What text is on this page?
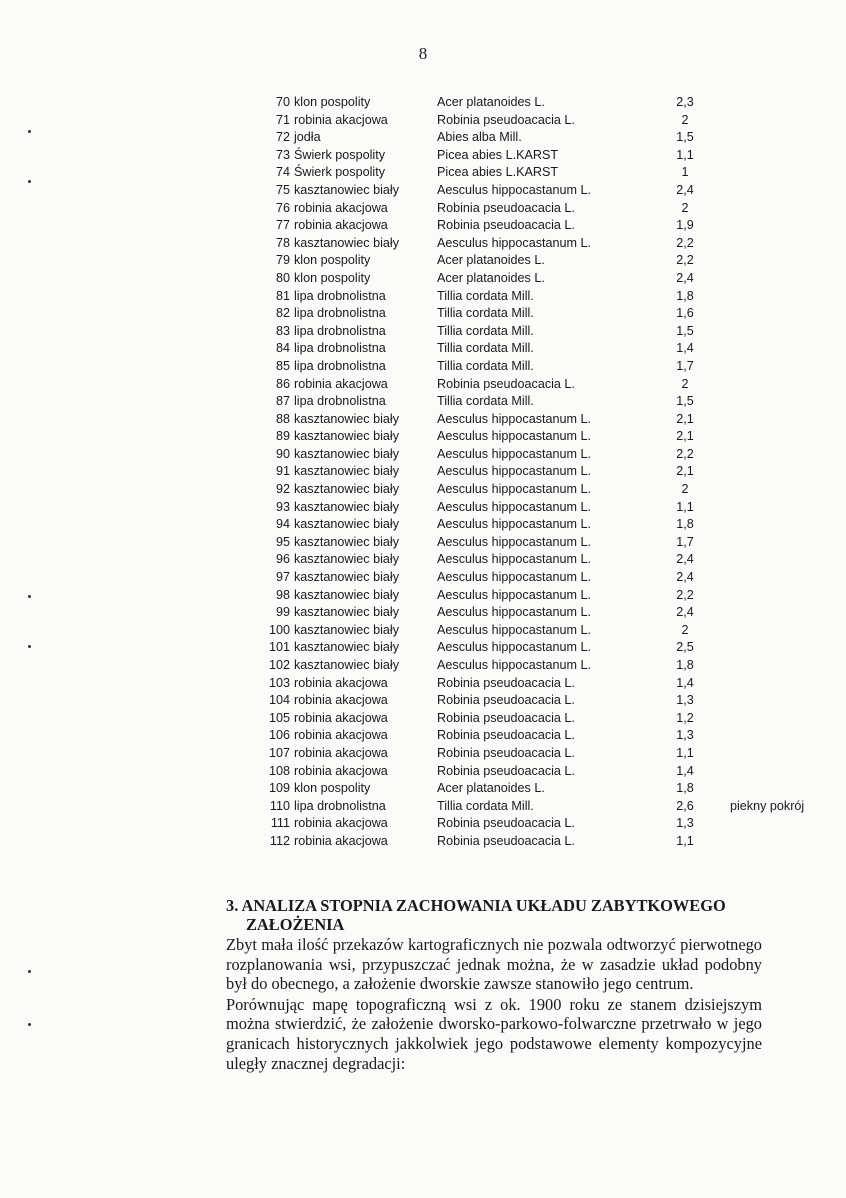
8
70 klon pospolity	Acer platanoides L.	2,3
71 robinia akacjowa	Robinia pseudoacacia L.	2
72 jodła	Abies alba Mill.	1,5
73 Świerk pospolity	Picea abies L.KARST	1,1
74 Świerk pospolity	Picea abies L.KARST	1
75 kasztanowiec biały	Aesculus hippocastanum L.	2,4
76 robinia akacjowa	Robinia pseudoacacia L.	2
77 robinia akacjowa	Robinia pseudoacacia L.	1,9
78 kasztanowiec biały	Aesculus hippocastanum L.	2,2
79 klon pospolity	Acer platanoides L.	2,2
80 klon pospolity	Acer platanoides L.	2,4
81 lipa drobnolistna	Tillia cordata Mill.	1,8
82 lipa drobnolistna	Tillia cordata Mill.	1,6
83 lipa drobnolistna	Tillia cordata Mill.	1,5
84 lipa drobnolistna	Tillia cordata Mill.	1,4
85 lipa drobnolistna	Tillia cordata Mill.	1,7
86 robinia akacjowa	Robinia pseudoacacia L.	2
87 lipa drobnolistna	Tillia cordata Mill.	1,5
88 kasztanowiec biały	Aesculus hippocastanum L.	2,1
89 kasztanowiec biały	Aesculus hippocastanum L.	2,1
90 kasztanowiec biały	Aesculus hippocastanum L.	2,2
91 kasztanowiec biały	Aesculus hippocastanum L.	2,1
92 kasztanowiec biały	Aesculus hippocastanum L.	2
93 kasztanowiec biały	Aesculus hippocastanum L.	1,1
94 kasztanowiec biały	Aesculus hippocastanum L.	1,8
95 kasztanowiec biały	Aesculus hippocastanum L.	1,7
96 kasztanowiec biały	Aesculus hippocastanum L.	2,4
97 kasztanowiec biały	Aesculus hippocastanum L.	2,4
98 kasztanowiec biały	Aesculus hippocastanum L.	2,2
99 kasztanowiec biały	Aesculus hippocastanum L.	2,4
100 kasztanowiec biały	Aesculus hippocastanum L.	2
101 kasztanowiec biały	Aesculus hippocastanum L.	2,5
102 kasztanowiec biały	Aesculus hippocastanum L.	1,8
103 robinia akacjowa	Robinia pseudoacacia L.	1,4
104 robinia akacjowa	Robinia pseudoacacia L.	1,3
105 robinia akacjowa	Robinia pseudoacacia L.	1,2
106 robinia akacjowa	Robinia pseudoacacia L.	1,3
107 robinia akacjowa	Robinia pseudoacacia L.	1,1
108 robinia akacjowa	Robinia pseudoacacia L.	1,4
109 klon pospolity	Acer platanoides L.	1,8
110 lipa drobnolistna	Tillia cordata Mill.	2,6	piekny pokrój
111 robinia akacjowa	Robinia pseudoacacia L.	1,3
112 robinia akacjowa	Robinia pseudoacacia L.	1,1
3. ANALIZA STOPNIA ZACHOWANIA UKŁADU ZABYTKOWEGO ZAŁOŻENIA

Zbyt mała ilość przekazów kartograficznych nie pozwala odtworzyć pierwotnego rozplanowania wsi, przypuszczać jednak można, że w zasadzie układ podobny był do obecnego, a założenie dworskie zawsze stanowiło jego centrum.

Porównując mapę topograficzną wsi z ok. 1900 roku ze stanem dzisiejszym można stwierdzić, że założenie dworsko-parkowo-folwarczne przetrwało w jego granicach historycznych jakkolwiek jego podstawowe elementy kompozycyjne uległy znacznej degradacji:
